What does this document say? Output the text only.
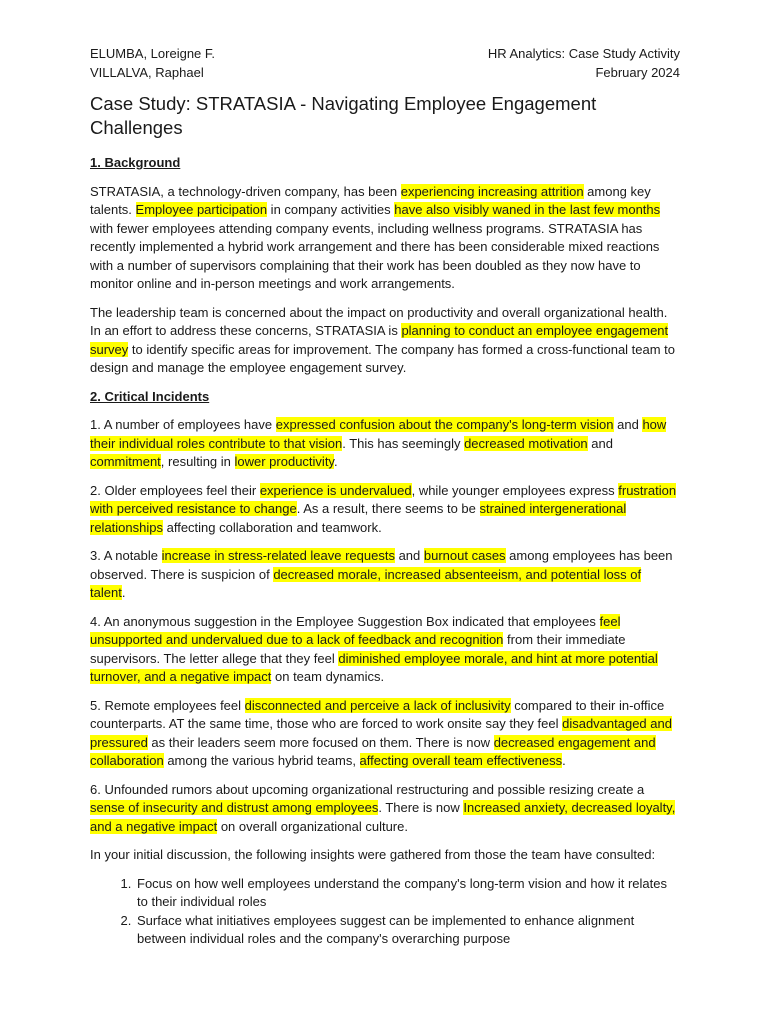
ELUMBA, Loreigne F.
VILLALVA, Raphael
HR Analytics: Case Study Activity
February 2024
Case Study: STRATASIA - Navigating Employee Engagement Challenges
1. Background

STRATASIA, a technology-driven company, has been experiencing increasing attrition among key talents. Employee participation in company activities have also visibly waned in the last few months with fewer employees attending company events, including wellness programs. STRATASIA has recently implemented a hybrid work arrangement and there has been considerable mixed reactions with a number of supervisors complaining that their work has been doubled as they now have to monitor online and in-person meetings and work arrangements.

The leadership team is concerned about the impact on productivity and overall organizational health. In an effort to address these concerns, STRATASIA is planning to conduct an employee engagement survey to identify specific areas for improvement. The company has formed a cross-functional team to design and manage the employee engagement survey.

2. Critical Incidents

1. A number of employees have expressed confusion about the company's long-term vision and how their individual roles contribute to that vision. This has seemingly decreased motivation and commitment, resulting in lower productivity.

2. Older employees feel their experience is undervalued, while younger employees express frustration with perceived resistance to change. As a result, there seems to be strained intergenerational relationships affecting collaboration and teamwork.

3. A notable increase in stress-related leave requests and burnout cases among employees has been observed. There is suspicion of decreased morale, increased absenteeism, and potential loss of talent.

4. An anonymous suggestion in the Employee Suggestion Box indicated that employees feel unsupported and undervalued due to a lack of feedback and recognition from their immediate supervisors. The letter allege that they feel diminished employee morale, and hint at more potential turnover, and a negative impact on team dynamics.

5. Remote employees feel disconnected and perceive a lack of inclusivity compared to their in-office counterparts. AT the same time, those who are forced to work onsite say they feel disadvantaged and pressured as their leaders seem more focused on them. There is now decreased engagement and collaboration among the various hybrid teams, affecting overall team effectiveness.

6. Unfounded rumors about upcoming organizational restructuring and possible resizing create a sense of insecurity and distrust among employees. There is now Increased anxiety, decreased loyalty, and a negative impact on overall organizational culture.

In your initial discussion, the following insights were gathered from those the team have consulted:

1. Focus on how well employees understand the company's long-term vision and how it relates to their individual roles
2. Surface what initiatives employees suggest can be implemented to enhance alignment between individual roles and the company's overarching purpose
